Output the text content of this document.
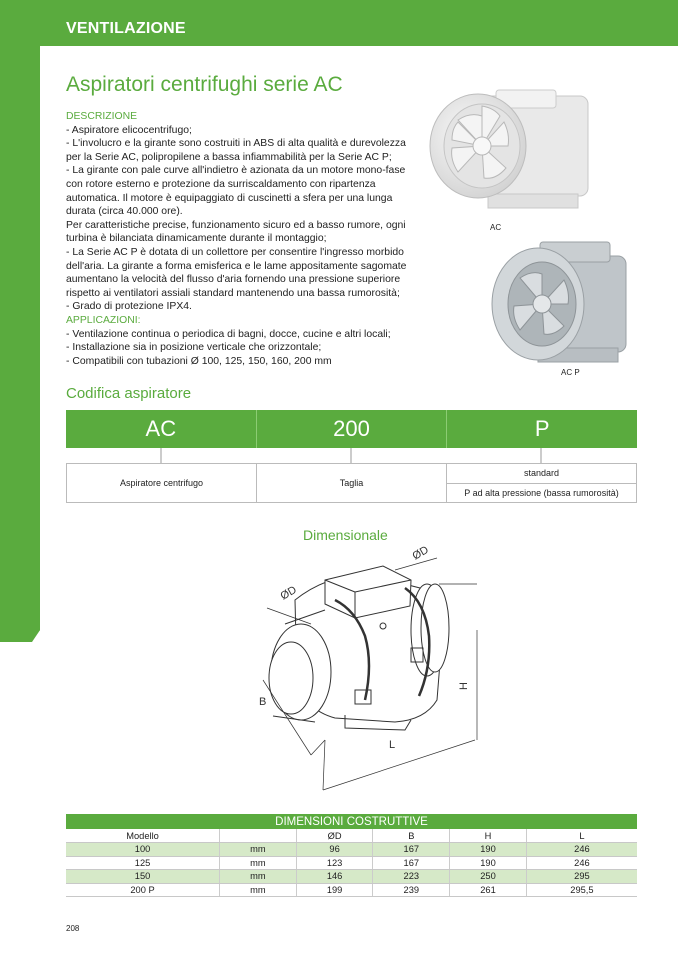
VENTILAZIONE
Aspiratori centrifughi serie AC
DESCRIZIONE
- Aspiratore elicocentrifugo;
- L'involucro e la girante sono costruiti in ABS di alta qualità e durevolezza per la Serie AC, polipropilene a bassa infiammabilità per la Serie AC P;
- La girante con pale curve all'indietro è azionata da un motore mono-fase con rotore esterno e protezione da surriscaldamento con ripartenza automatica. Il motore è equipaggiato di cuscinetti a sfera per una lunga durata (circa 40.000 ore).
Per caratteristiche precise, funzionamento sicuro ed a basso rumore, ogni turbina è bilanciata dinamicamente durante il montaggio;
- La Serie AC P è dotata di un collettore per consentire l'ingresso morbido dell'aria. La girante a forma emisferica e le lame appositamente sagomate aumentano la velocità del flusso d'aria fornendo una pressione superiore rispetto ai ventilatori assiali standard mantenendo una bassa rumorosità;
- Grado di protezione IPX4.
APPLICAZIONI:
- Ventilazione continua o periodica di bagni, docce, cucine e altri locali;
- Installazione sia in posizione verticale che orizzontale;
- Compatibili con tubazioni Ø 100, 125, 150, 160, 200 mm
AC
AC P
Codifica aspiratore
AC	200	P
Aspiratore centrifugo	Taglia
standard
P ad alta pressione (bassa rumorosità)
Dimensionale
ØD
ØD
B
L
H
DIMENSIONI COSTRUTTIVE					
Modello		ØD	B	H	L
100	mm	96	167	190	246
125	mm	123	167	190	246
150	mm	146	223	250	295
200 P	mm	199	239	261	295,5
208
